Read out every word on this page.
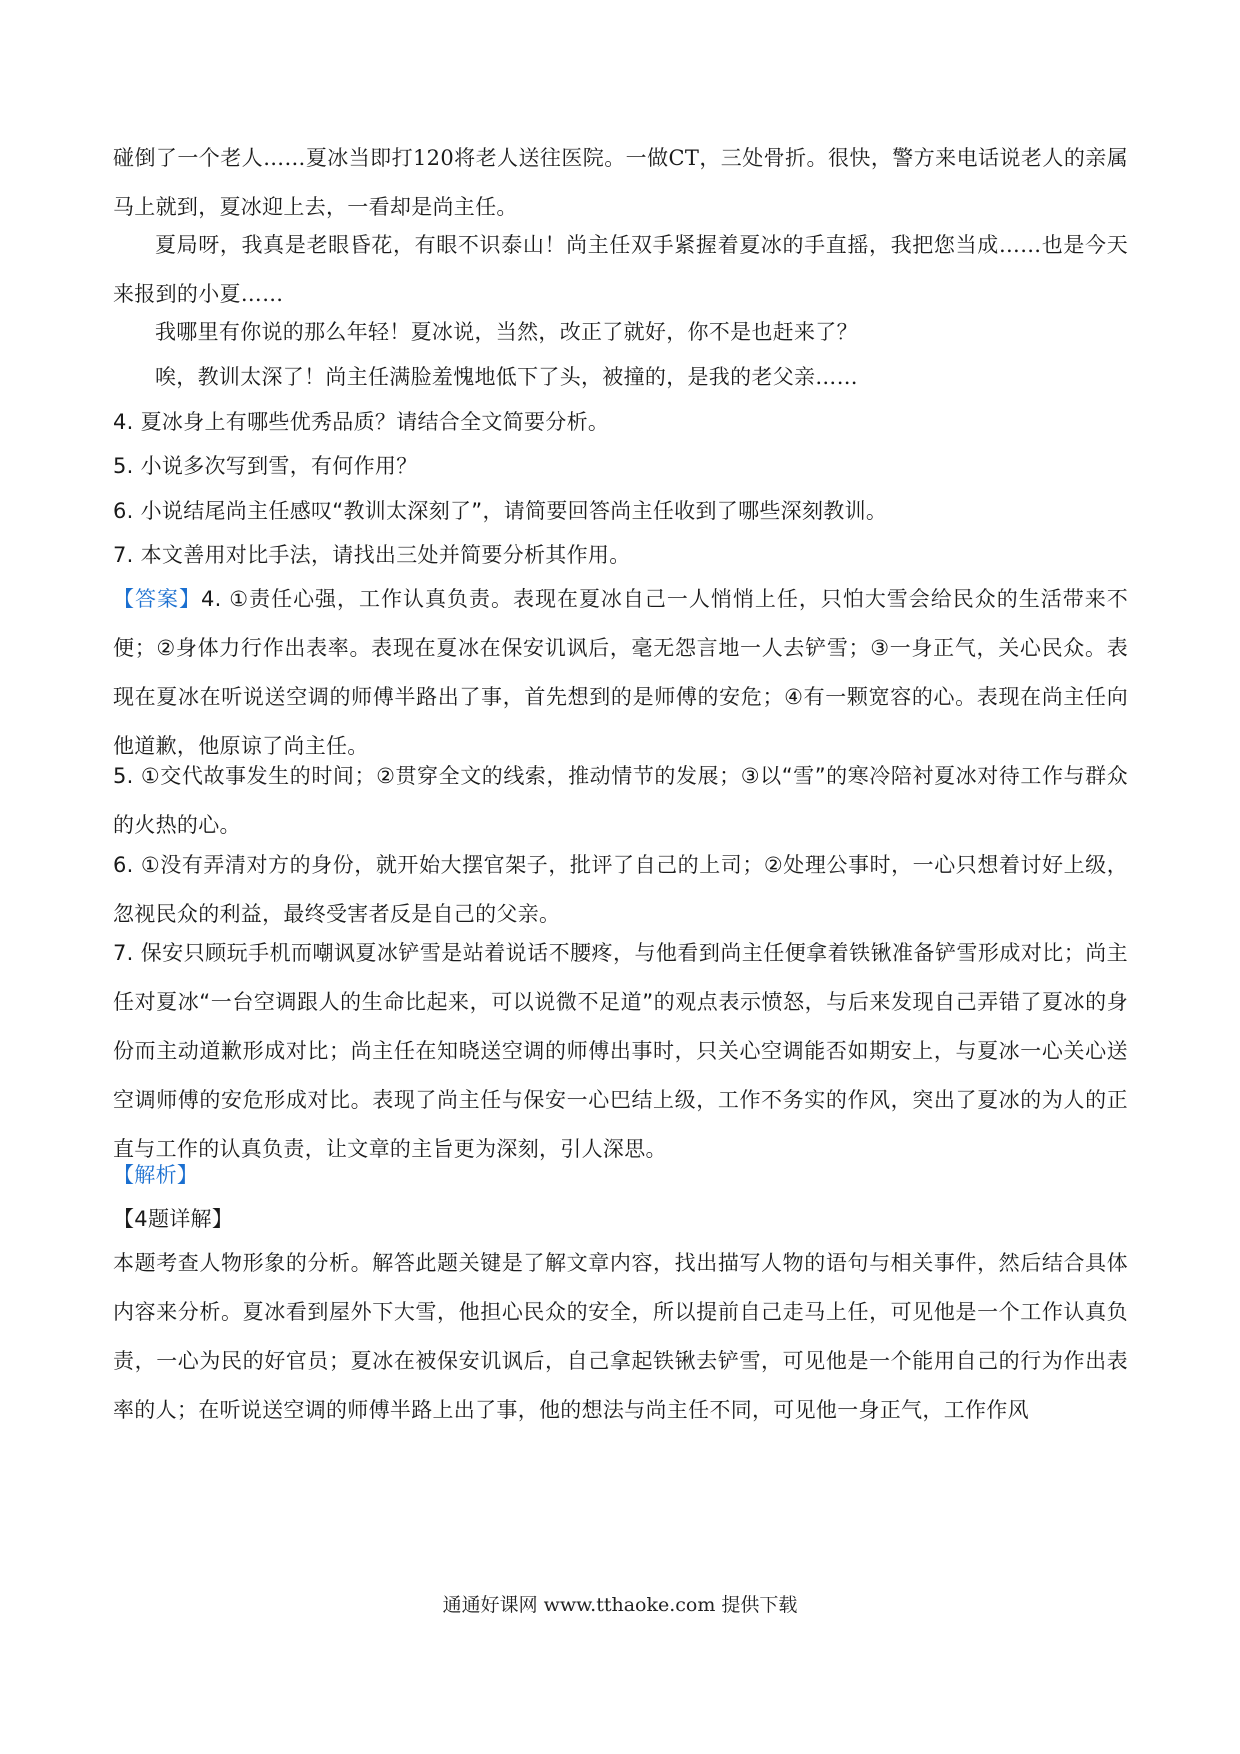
碰倒了一个老人……夏冰当即打120将老人送往医院。一做CT，三处骨折。很快，警方来电话说老人的亲属马上就到，夏冰迎上去，一看却是尚主任。

夏局呀，我真是老眼昏花，有眼不识泰山！尚主任双手紧握着夏冰的手直摇，我把您当成……也是今天来报到的小夏……

我哪里有你说的那么年轻！夏冰说，当然，改正了就好，你不是也赶来了？

唉，教训太深了！尚主任满脸羞愧地低下了头，被撞的，是我的老父亲……

4. 夏冰身上有哪些优秀品质？请结合全文简要分析。

5. 小说多次写到雪，有何作用？

6. 小说结尾尚主任感叹“教训太深刻了”，请简要回答尚主任收到了哪些深刻教训。

7. 本文善用对比手法，请找出三处并简要分析其作用。

【答案】4. ①责任心强，工作认真负责。表现在夏冰自己一人悄悄上任，只怕大雪会给民众的生活带来不便；②身体力行作出表率。表现在夏冰在保安讥讽后，毫无怨言地一人去铲雪；③一身正气，关心民众。表现在夏冰在听说送空调的师傅半路出了事，首先想到的是师傅的安危；④有一颗宽容的心。表现在尚主任向他道歉，他原谅了尚主任。

5. ①交代故事发生的时间；②贯穿全文的线索，推动情节的发展；③以“雪”的寒冷陪衬夏冰对待工作与群众的火热的心。

6. ①没有弄清对方的身份，就开始大摆官架子，批评了自己的上司；②处理公事时，一心只想着讨好上级，忽视民众的利益，最终受害者反是自己的父亲。

7. 保安只顾玩手机而嘲讽夏冰铲雪是站着说话不腰疼，与他看到尚主任便拿着铁锹准备铲雪形成对比；尚主任对夏冰“一台空调跟人的生命比起来，可以说微不足道”的观点表示愤怒，与后来发现自己弄错了夏冰的身份而主动道歉形成对比；尚主任在知晓送空调的师傅出事时，只关心空调能否如期安上，与夏冰一心关心送空调师傅的安危形成对比。表现了尚主任与保安一心巴结上级，工作不务实的作风，突出了夏冰的为人的正直与工作的认真负责，让文章的主旨更为深刻，引人深思。

【解析】

【4题详解】

本题考查人物形象的分析。解答此题关键是了解文章内容，找出描写人物的语句与相关事件，然后结合具体内容来分析。夏冰看到屋外下大雪，他担心民众的安全，所以提前自己走马上任，可见他是一个工作认真负责，一心为民的好官员；夏冰在被保安讥讽后，自己拿起铁锹去铲雪，可见他是一个能用自己的行为作出表率的人；在听说送空调的师傅半路上出了事，他的想法与尚主任不同，可见他一身正气，工作作风

通通好课网 www.tthaoke.com 提供下载
